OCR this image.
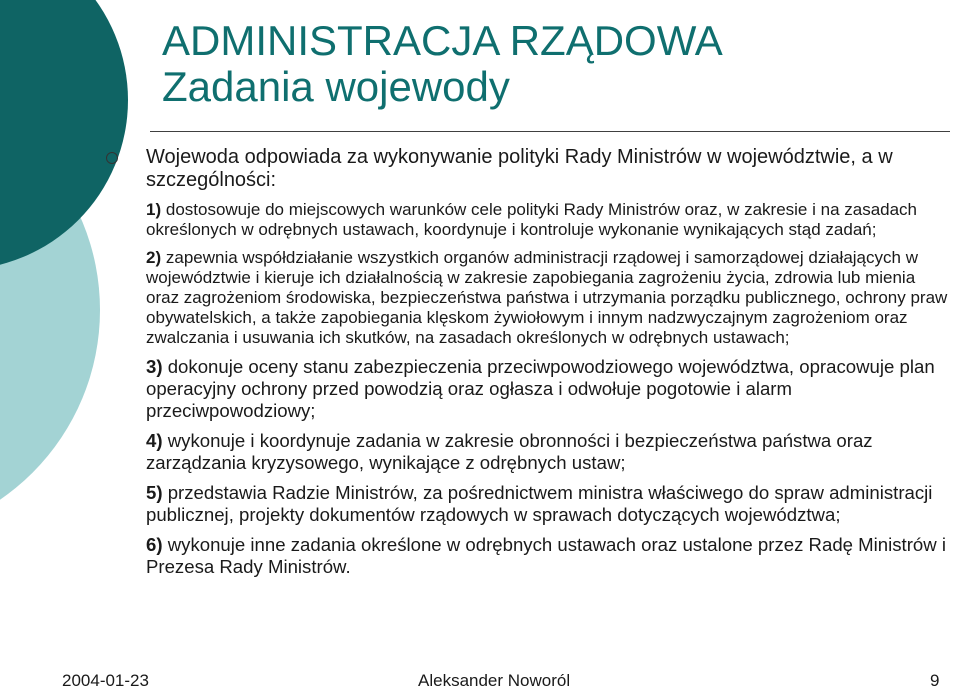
ADMINISTRACJA RZĄDOWA
Zadania wojewody
Wojewoda odpowiada za wykonywanie polityki Rady Ministrów w województwie, a w szczególności:
1) dostosowuje do miejscowych warunków cele polityki Rady Ministrów oraz, w zakresie i na zasadach określonych w odrębnych ustawach, koordynuje i kontroluje wykonanie wynikających stąd zadań;
2) zapewnia współdziałanie wszystkich organów administracji rządowej i samorządowej działających w województwie i kieruje ich działalnością w zakresie zapobiegania zagrożeniu życia, zdrowia lub mienia oraz zagrożeniom środowiska, bezpieczeństwa państwa i utrzymania porządku publicznego, ochrony praw obywatelskich, a także zapobiegania klęskom żywiołowym i innym nadzwyczajnym zagrożeniom oraz zwalczania i usuwania ich skutków, na zasadach określonych w odrębnych ustawach;
3) dokonuje oceny stanu zabezpieczenia przeciwpowodziowego województwa, opracowuje plan operacyjny ochrony przed powodzią oraz ogłasza i odwołuje pogotowie i alarm przeciwpowodziowy;
4) wykonuje i koordynuje zadania w zakresie obronności i bezpieczeństwa państwa oraz zarządzania kryzysowego, wynikające z odrębnych ustaw;
5) przedstawia Radzie Ministrów, za pośrednictwem ministra właściwego do spraw administracji publicznej, projekty dokumentów rządowych w sprawach dotyczących województwa;
6) wykonuje inne zadania określone w odrębnych ustawach oraz ustalone przez Radę Ministrów i Prezesa Rady Ministrów.
2004-01-23	Aleksander Noworól	9
